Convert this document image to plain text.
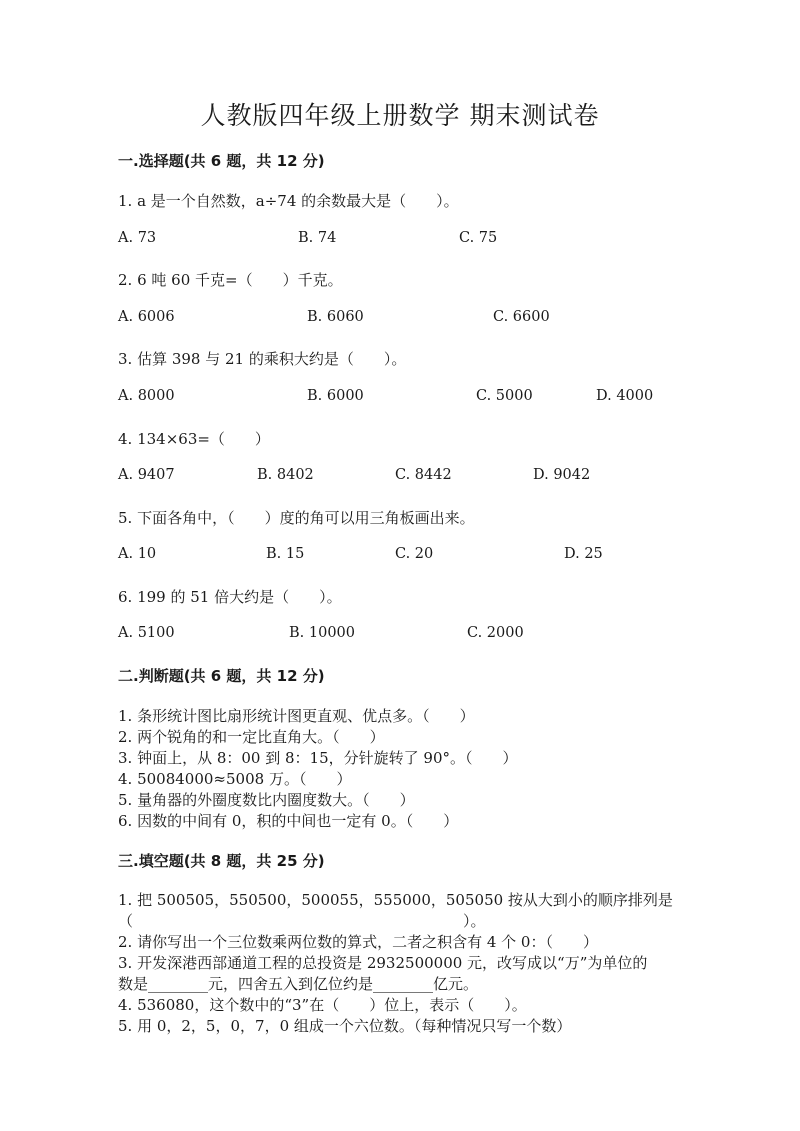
人教版四年级上册数学 期末测试卷
一.选择题(共 6 题，共 12 分)
1. a 是一个自然数，a÷74 的余数最大是（　　）。
A. 73	B. 74	C. 75
2. 6 吨 60 千克=（　　）千克。
A. 6006	B. 6060	C. 6600
3. 估算 398 与 21 的乘积大约是（　　）。
A. 8000	B. 6000	C. 5000	D. 4000
4. 134×63=（　　）
A. 9407	B. 8402	C. 8442	D. 9042
5. 下面各角中，（　　）度的角可以用三角板画出来。
A. 10	B. 15	C. 20	D. 25
6. 199 的 51 倍大约是（　　）。
A. 5100	B. 10000	C. 2000
二.判断题(共 6 题，共 12 分)
1. 条形统计图比扇形统计图更直观、优点多。（　　）
2. 两个锐角的和一定比直角大。（　　）
3. 钟面上，从 8：00 到 8：15，分针旋转了 90°。（　　）
4. 50084000≈5008 万。（　　）
5. 量角器的外圈度数比内圈度数大。（　　）
6. 因数的中间有 0，积的中间也一定有 0。（　　）
三.填空题(共 8 题，共 25 分)
1. 把 500505，550500，500055，555000，505050 按从大到小的顺序排列是
（　　　　　　　　　　　　　　　　　　　　　　）。
2. 请你写出一个三位数乘两位数的算式，二者之积含有 4 个 0：（　　）
3. 开发深港西部通道工程的总投资是 2932500000 元，改写成以“万”为单位的
数是________元，四舍五入到亿位约是________亿元。
4. 536080，这个数中的“3”在（　　）位上，表示（　　）。
5. 用 0，2，5，0，7，0 组成一个六位数。（每种情况只写一个数）
